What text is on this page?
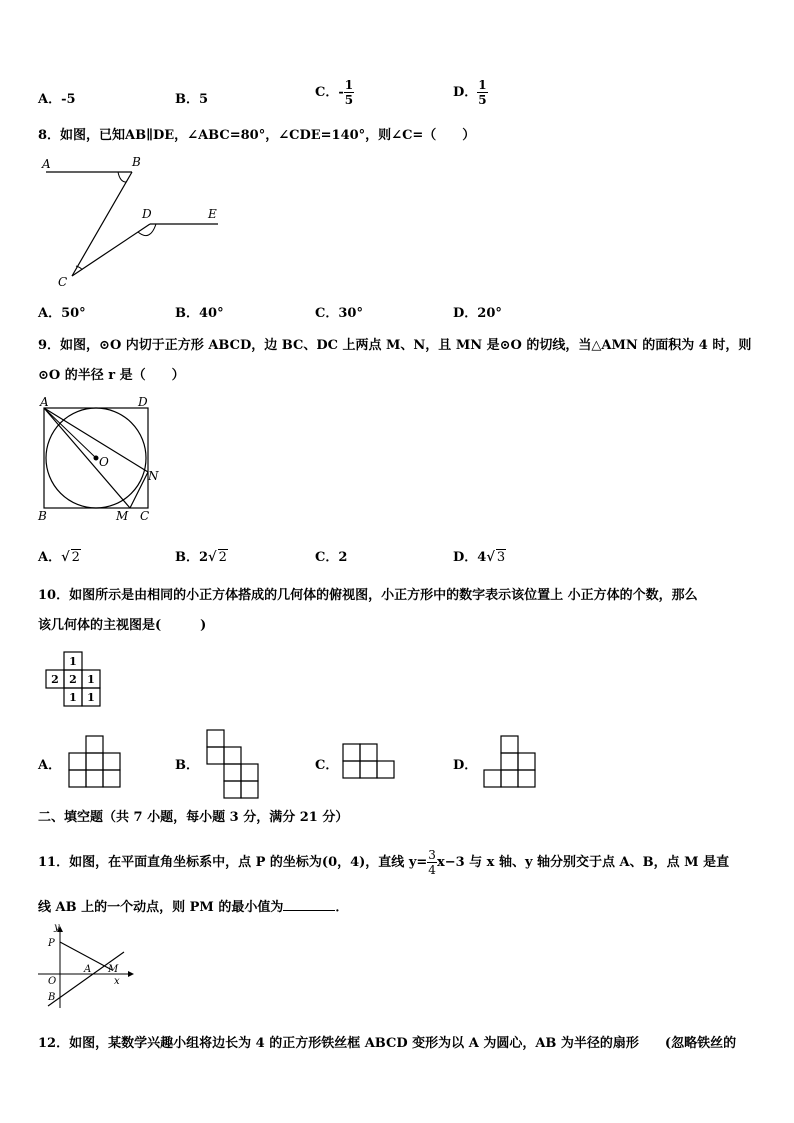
A．-5	B．5	C．- $\frac{1}{5}$	D． $\frac{1}{5}$
8．如图，已知AB∥DE，∠ABC=80°，∠CDE=140°，则∠C=（　　）
A	B
C
D	E
A．50°	B．40°	C．30°	D．20°
9．如图，⊙O 内切于正方形 ABCD，边 BC、DC 上两点 M、N，且 MN 是⊙O 的切线，当△AMN 的面积为 4 时，则
⊙O 的半径 r 是（　　）
A	D
B	C
M
N
O
A．√ 2	B．2√ 2	C．2	D．4√ 3
10．如图所示是由相同的小正方体搭成的几何体的俯视图，小正方形中的数字表示该位置上 小正方体的个数，那么
该几何体的主视图是(　　　)
1
2 2 1
1 1
A．	B．	C．	D．
二、填空题（共 7 小题，每小题 3 分，满分 21 分）
11．如图，在平面直角坐标系中，点 P 的坐标为(0，4)，直线 $y= \frac{3}{4} x-3$ 与 x 轴、y 轴分别交于点 A、B，点 M 是直
线 AB 上的一个动点，则 PM 的最小值为	．
y
P
A M
O	x
B
12．如图，某数学兴趣小组将边长为 4 的正方形铁丝框 ABCD 变形为以 A 为圆心，AB 为半径的扇形　　(忽略铁丝的
